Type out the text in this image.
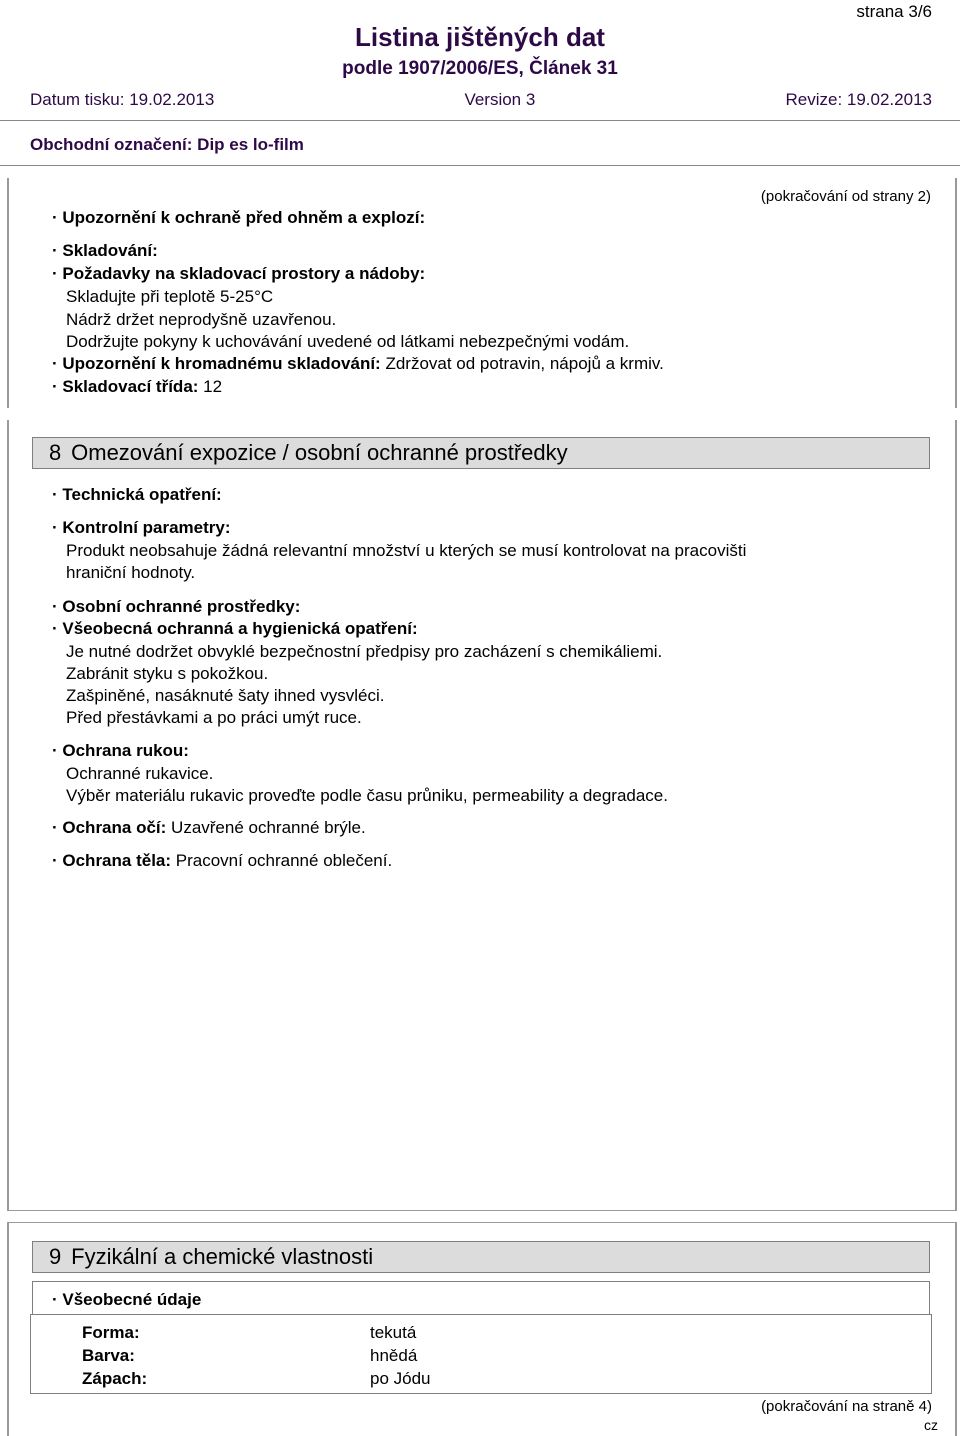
strana 3/6
Listina jištěných dat
podle 1907/2006/ES, Článek 31
Datum tisku: 19.02.2013	Version 3	Revize: 19.02.2013
Obchodní označení: Dip es lo-film
(pokračování od strany 2)
· Upozornění k ochraně před ohněm a explozí:
· Skladování:
· Požadavky na skladovací prostory a nádoby:
Skladujte při teplotě 5-25°C
Nádrž držet neprodyšně uzavřenou.
Dodržujte pokyny k uchovávání uvedené od látkami nebezpečnými vodám.
· Upozornění k hromadnému skladování: Zdržovat od potravin, nápojů a krmiv.
· Skladovací třída: 12
8 Omezování expozice / osobní ochranné prostředky
· Technická opatření:
· Kontrolní parametry:
Produkt neobsahuje žádná relevantní množství u kterých se musí kontrolovat na pracovišti
hraniční hodnoty.
· Osobní ochranné prostředky:
· Všeobecná ochranná a hygienická opatření:
Je nutné dodržet obvyklé bezpečnostní předpisy pro zacházení s chemikáliemi.
Zabránit styku s pokožkou.
Zašpiněné, nasáknuté šaty ihned vysvléci.
Před přestávkami a po práci umýt ruce.
· Ochrana rukou:
Ochranné rukavice.
Výběr materiálu rukavic proveďte podle času průniku, permeability a degradace.
· Ochrana očí: Uzavřené ochranné brýle.
· Ochrana těla: Pracovní ochranné oblečení.
9 Fyzikální a chemické vlastnosti
· Všeobecné údaje
Forma:	tekutá
Barva:	hnědá
Zápach:	po Jódu
(pokračování na straně 4)
cz
